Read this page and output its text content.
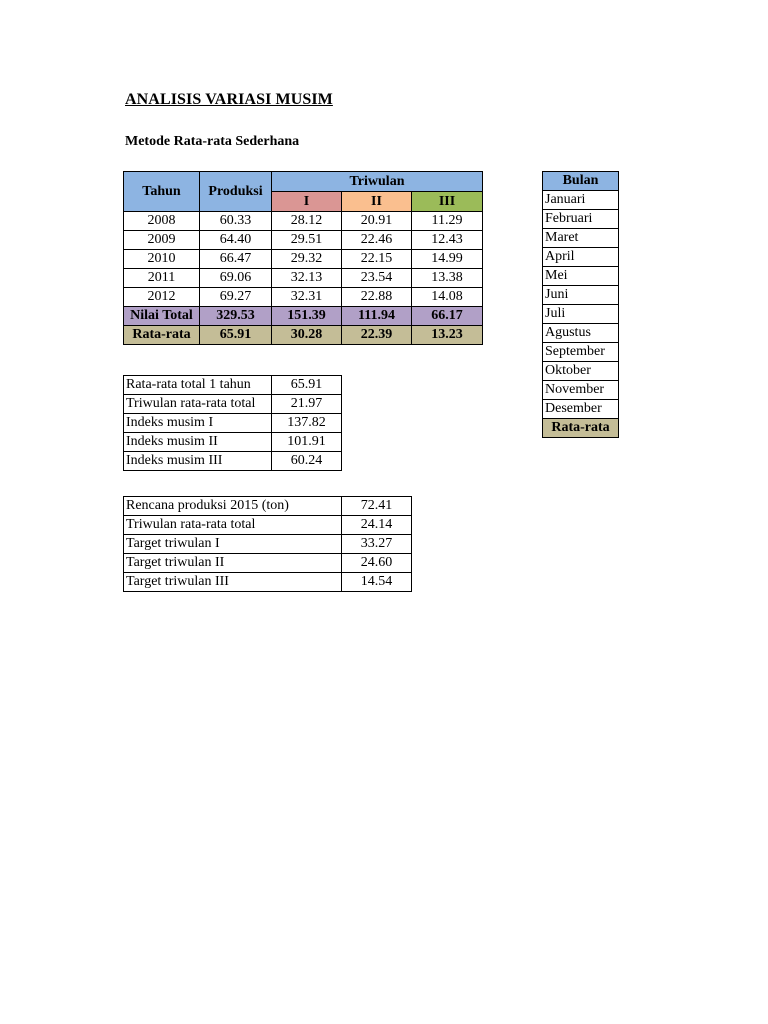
ANALISIS VARIASI MUSIM
Metode Rata-rata Sederhana
Tahun	Produksi	Triwulan		
		I	II	III
2008	60.33	28.12	20.91	11.29
2009	64.40	29.51	22.46	12.43
2010	66.47	29.32	22.15	14.99
2011	69.06	32.13	23.54	13.38
2012	69.27	32.31	22.88	14.08
Nilai Total	329.53	151.39	111.94	66.17
Rata-rata	65.91	30.28	22.39	13.23
Rata-rata total 1 tahun	65.91
Triwulan rata-rata total	21.97
Indeks musim I	137.82
Indeks musim II	101.91
Indeks musim III	60.24
Rencana produksi 2015 (ton)	72.41
Triwulan rata-rata total	24.14
Target triwulan I	33.27
Target triwulan II	24.60
Target triwulan III	14.54
Bulan
Januari
Februari
Maret
April
Mei
Juni
Juli
Agustus
September
Oktober
November
Desember
Rata-rata
